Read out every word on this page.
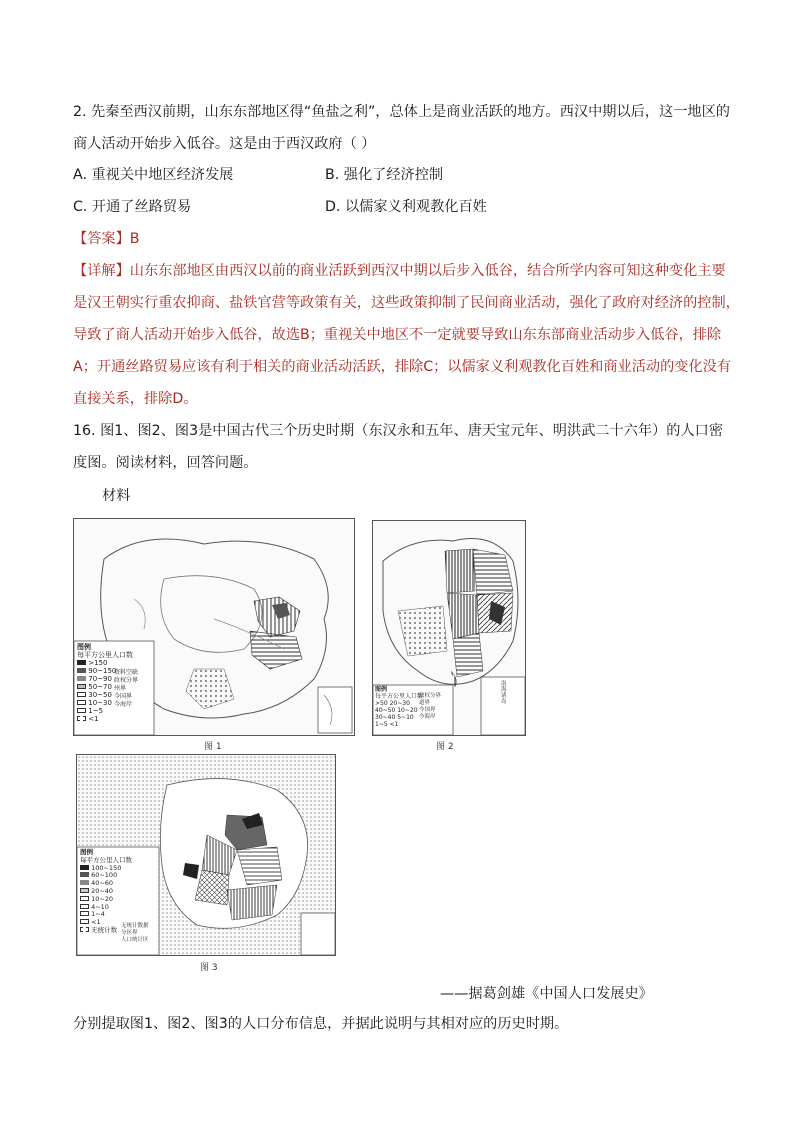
2. 先秦至西汉前期，山东东部地区得“鱼盐之利”，总体上是商业活跃的地方。西汉中期以后，这一地区的
商人活动开始步入低谷。这是由于西汉政府（ ）
A. 重视关中地区经济发展	B. 强化了经济控制
C. 开通了丝路贸易	D. 以儒家义利观教化百姓
【答案】B
【详解】山东东部地区由西汉以前的商业活跃到西汉中期以后步入低谷，结合所学内容可知这种变化主要
是汉王朝实行重农抑商、盐铁官营等政策有关，这些政策抑制了民间商业活动，强化了政府对经济的控制，
导致了商人活动开始步入低谷，故选B；重视关中地区不一定就要导致山东东部商业活动步入低谷，排除
A；开通丝路贸易应该有利于相关的商业活动活跃，排除C；以儒家义利观教化百姓和商业活动的变化没有
直接关系，排除D。
16. 图1、图2、图3是中国古代三个历史时期（东汉永和五年、唐天宝元年、明洪武二十六年）的人口密
度图。阅读材料，回答问题。
材料
图例
每平方公里人口数
>150
90~150
70~90
50~70
30~50
10~30
1~5
<1
资料空缺
政权分界
州界
今国界
今海岸
图 1
图例
每平方公里人口数
>50 20~30
40~50 10~20
30~40 5~10
1~5 <1
政权分界
道界
今国界
今海岸
南海诸岛
图 2
图例
每平方公里人口数
100~150
60~100
40~60
20~40
10~20
4~10
1~4
<1
无统计数 无统计数据
分区界
人口统计区
图 3
——据葛剑雄《中国人口发展史》
分别提取图1、图2、图3的人口分布信息，并据此说明与其相对应的历史时期。
